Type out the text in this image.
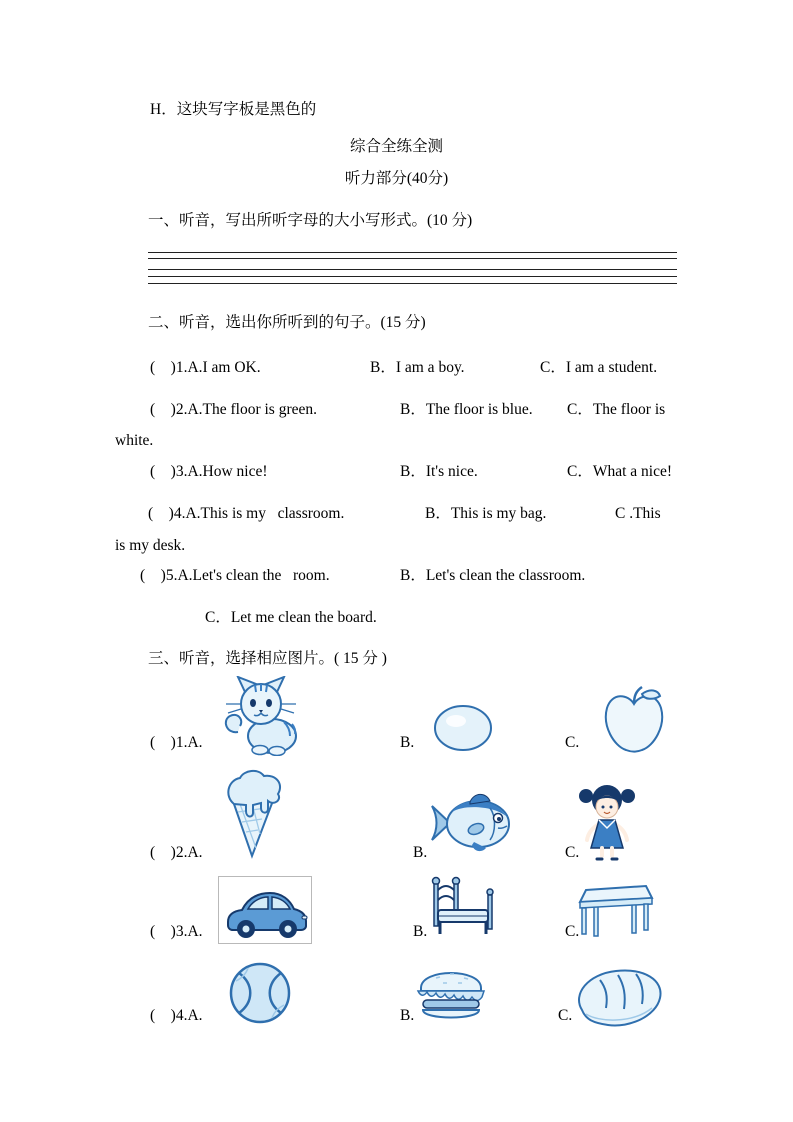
H．这块写字板是黑色的
综合全练全测
听力部分(40分)
一、听音，写出所听字母的大小写形式。(10 分)
二、听音，选出你所听到的句子。(15 分)
(    )1.A.I am OK.	B．I am a boy.	C．I am a student.
(    )2.A.The floor is green.	B．The floor is blue. C．The floor is
white.
(    )3.A.How nice!	B．It's nice.	C．What a nice!
(    )4.A.This is my   classroom.	B．This is my bag.	C .This
is my desk.
(    )5.A.Let's clean the   room.	B．Let's clean the classroom.
C．Let me clean the board.
三、听音，选择相应图片。( 15 分 )
(    )1.A.	B.	C.
(    )2.A.	B.	C.
(    )3.A.	B.	C.
(    )4.A.	B.	C.
